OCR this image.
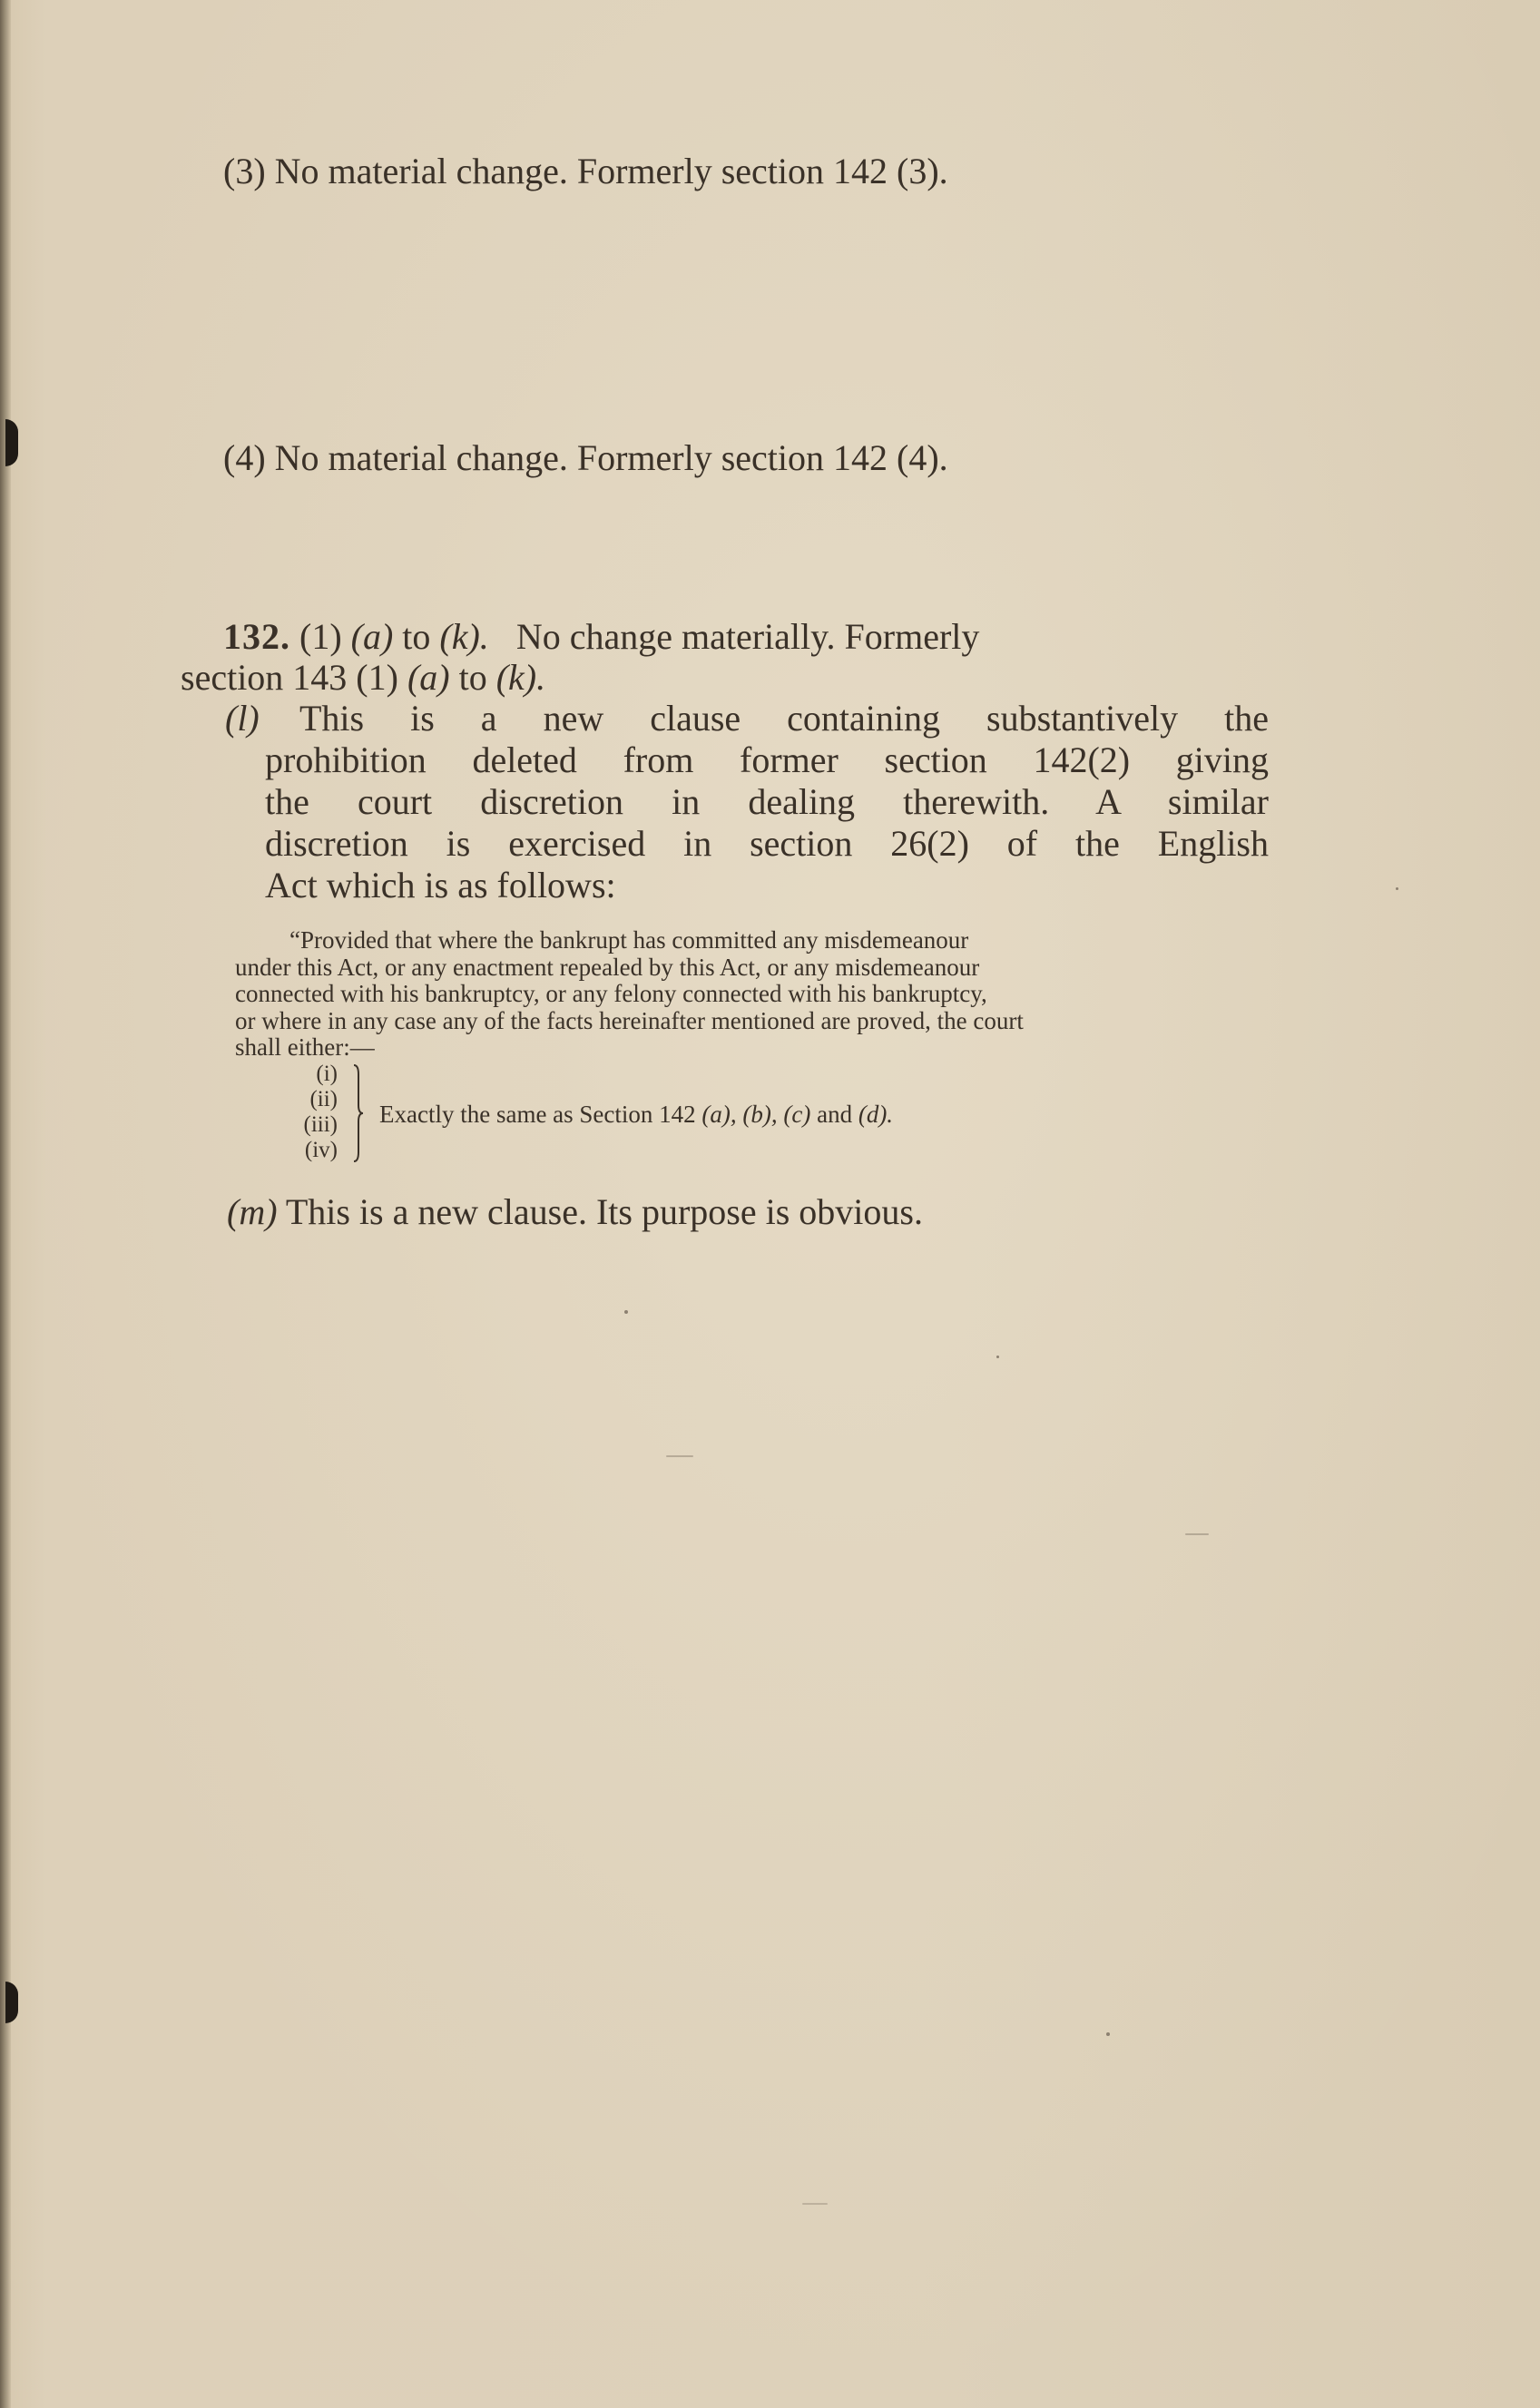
(3) No material change. Formerly section 142 (3).
(4) No material change. Formerly section 142 (4).
132. (1) (a) to (k). No change materially. Formerly
section 143 (1) (a) to (k).
(l) This is a new clause containing substantively the
prohibition deleted from former section 142(2) giving
the court discretion in dealing therewith. A similar
discretion is exercised in section 26(2) of the English
Act which is as follows:
“Provided that where the bankrupt has committed any misdemeanour
under this Act, or any enactment repealed by this Act, or any misdemeanour
connected with his bankruptcy, or any felony connected with his bankruptcy,
or where in any case any of the facts hereinafter mentioned are proved, the court
shall either:—
(i)
(ii)
(iii)
(iv)
Exactly the same as Section 142 (a), (b), (c) and (d).
(m) This is a new clause. Its purpose is obvious.
